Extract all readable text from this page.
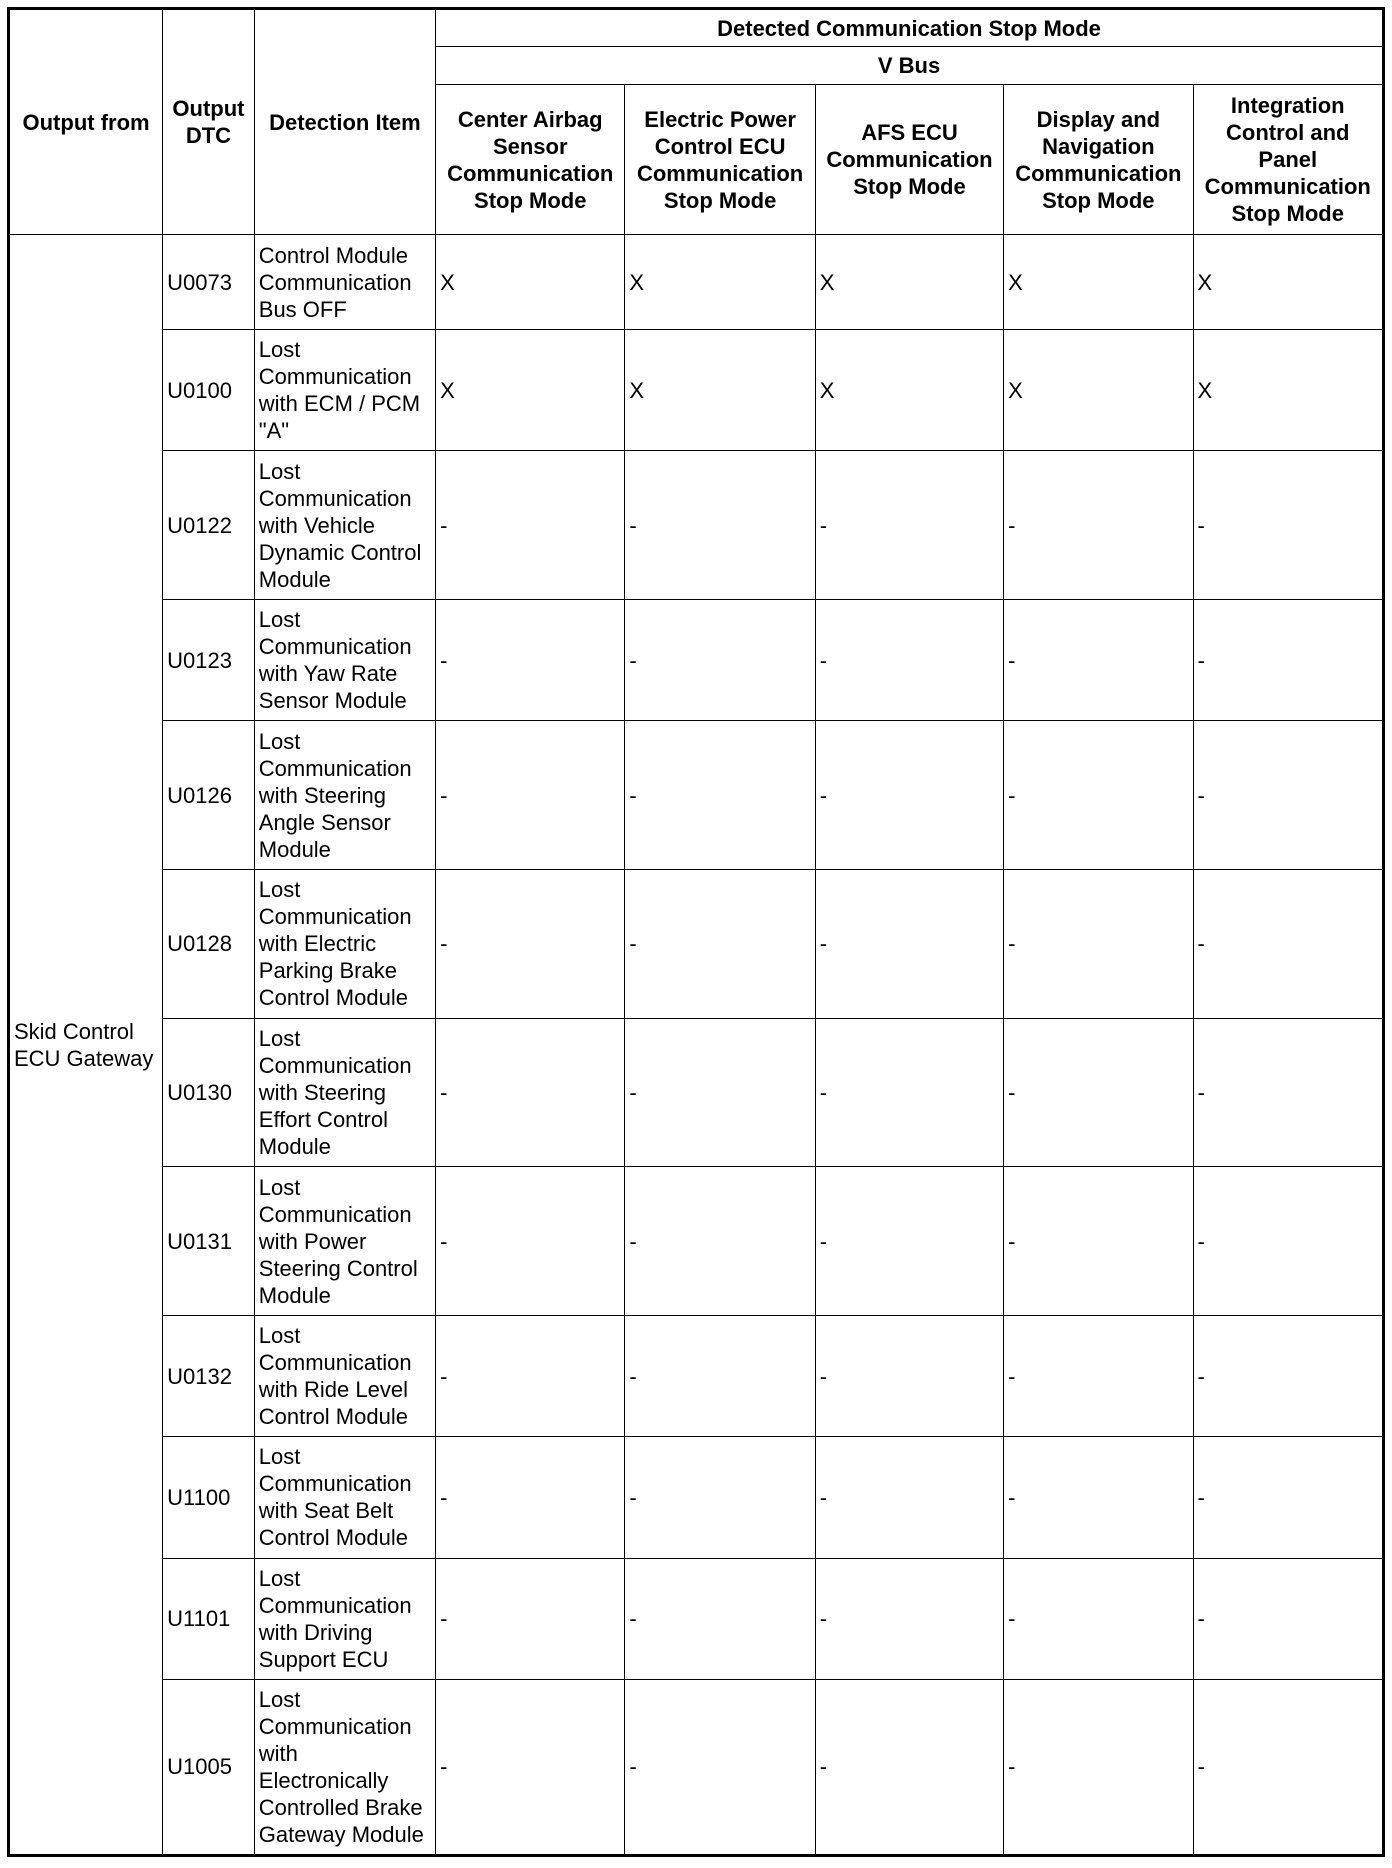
Output from	Output DTC	Detection Item	Detected Communication Stop Mode				
			V Bus				
			Center Airbag Sensor Communication Stop Mode	Electric Power Control ECU Communication Stop Mode	AFS ECU Communication Stop Mode	Display and Navigation Communication Stop Mode	Integration Control and Panel Communication Stop Mode
Skid Control ECU Gateway	U0073	Control Module Communication Bus OFF	X	X	X	X	X
	U0100	Lost Communication with ECM / PCM "A"	X	X	X	X	X
	U0122	Lost Communication with Vehicle Dynamic Control Module	-	-	-	-	-
	U0123	Lost Communication with Yaw Rate Sensor Module	-	-	-	-	-
	U0126	Lost Communication with Steering Angle Sensor Module	-	-	-	-	-
	U0128	Lost Communication with Electric Parking Brake Control Module	-	-	-	-	-
	U0130	Lost Communication with Steering Effort Control Module	-	-	-	-	-
	U0131	Lost Communication with Power Steering Control Module	-	-	-	-	-
	U0132	Lost Communication with Ride Level Control Module	-	-	-	-	-
	U1100	Lost Communication with Seat Belt Control Module	-	-	-	-	-
	U1101	Lost Communication with Driving Support ECU	-	-	-	-	-
	U1005	Lost Communication with Electronically Controlled Brake Gateway Module	-	-	-	-	-
